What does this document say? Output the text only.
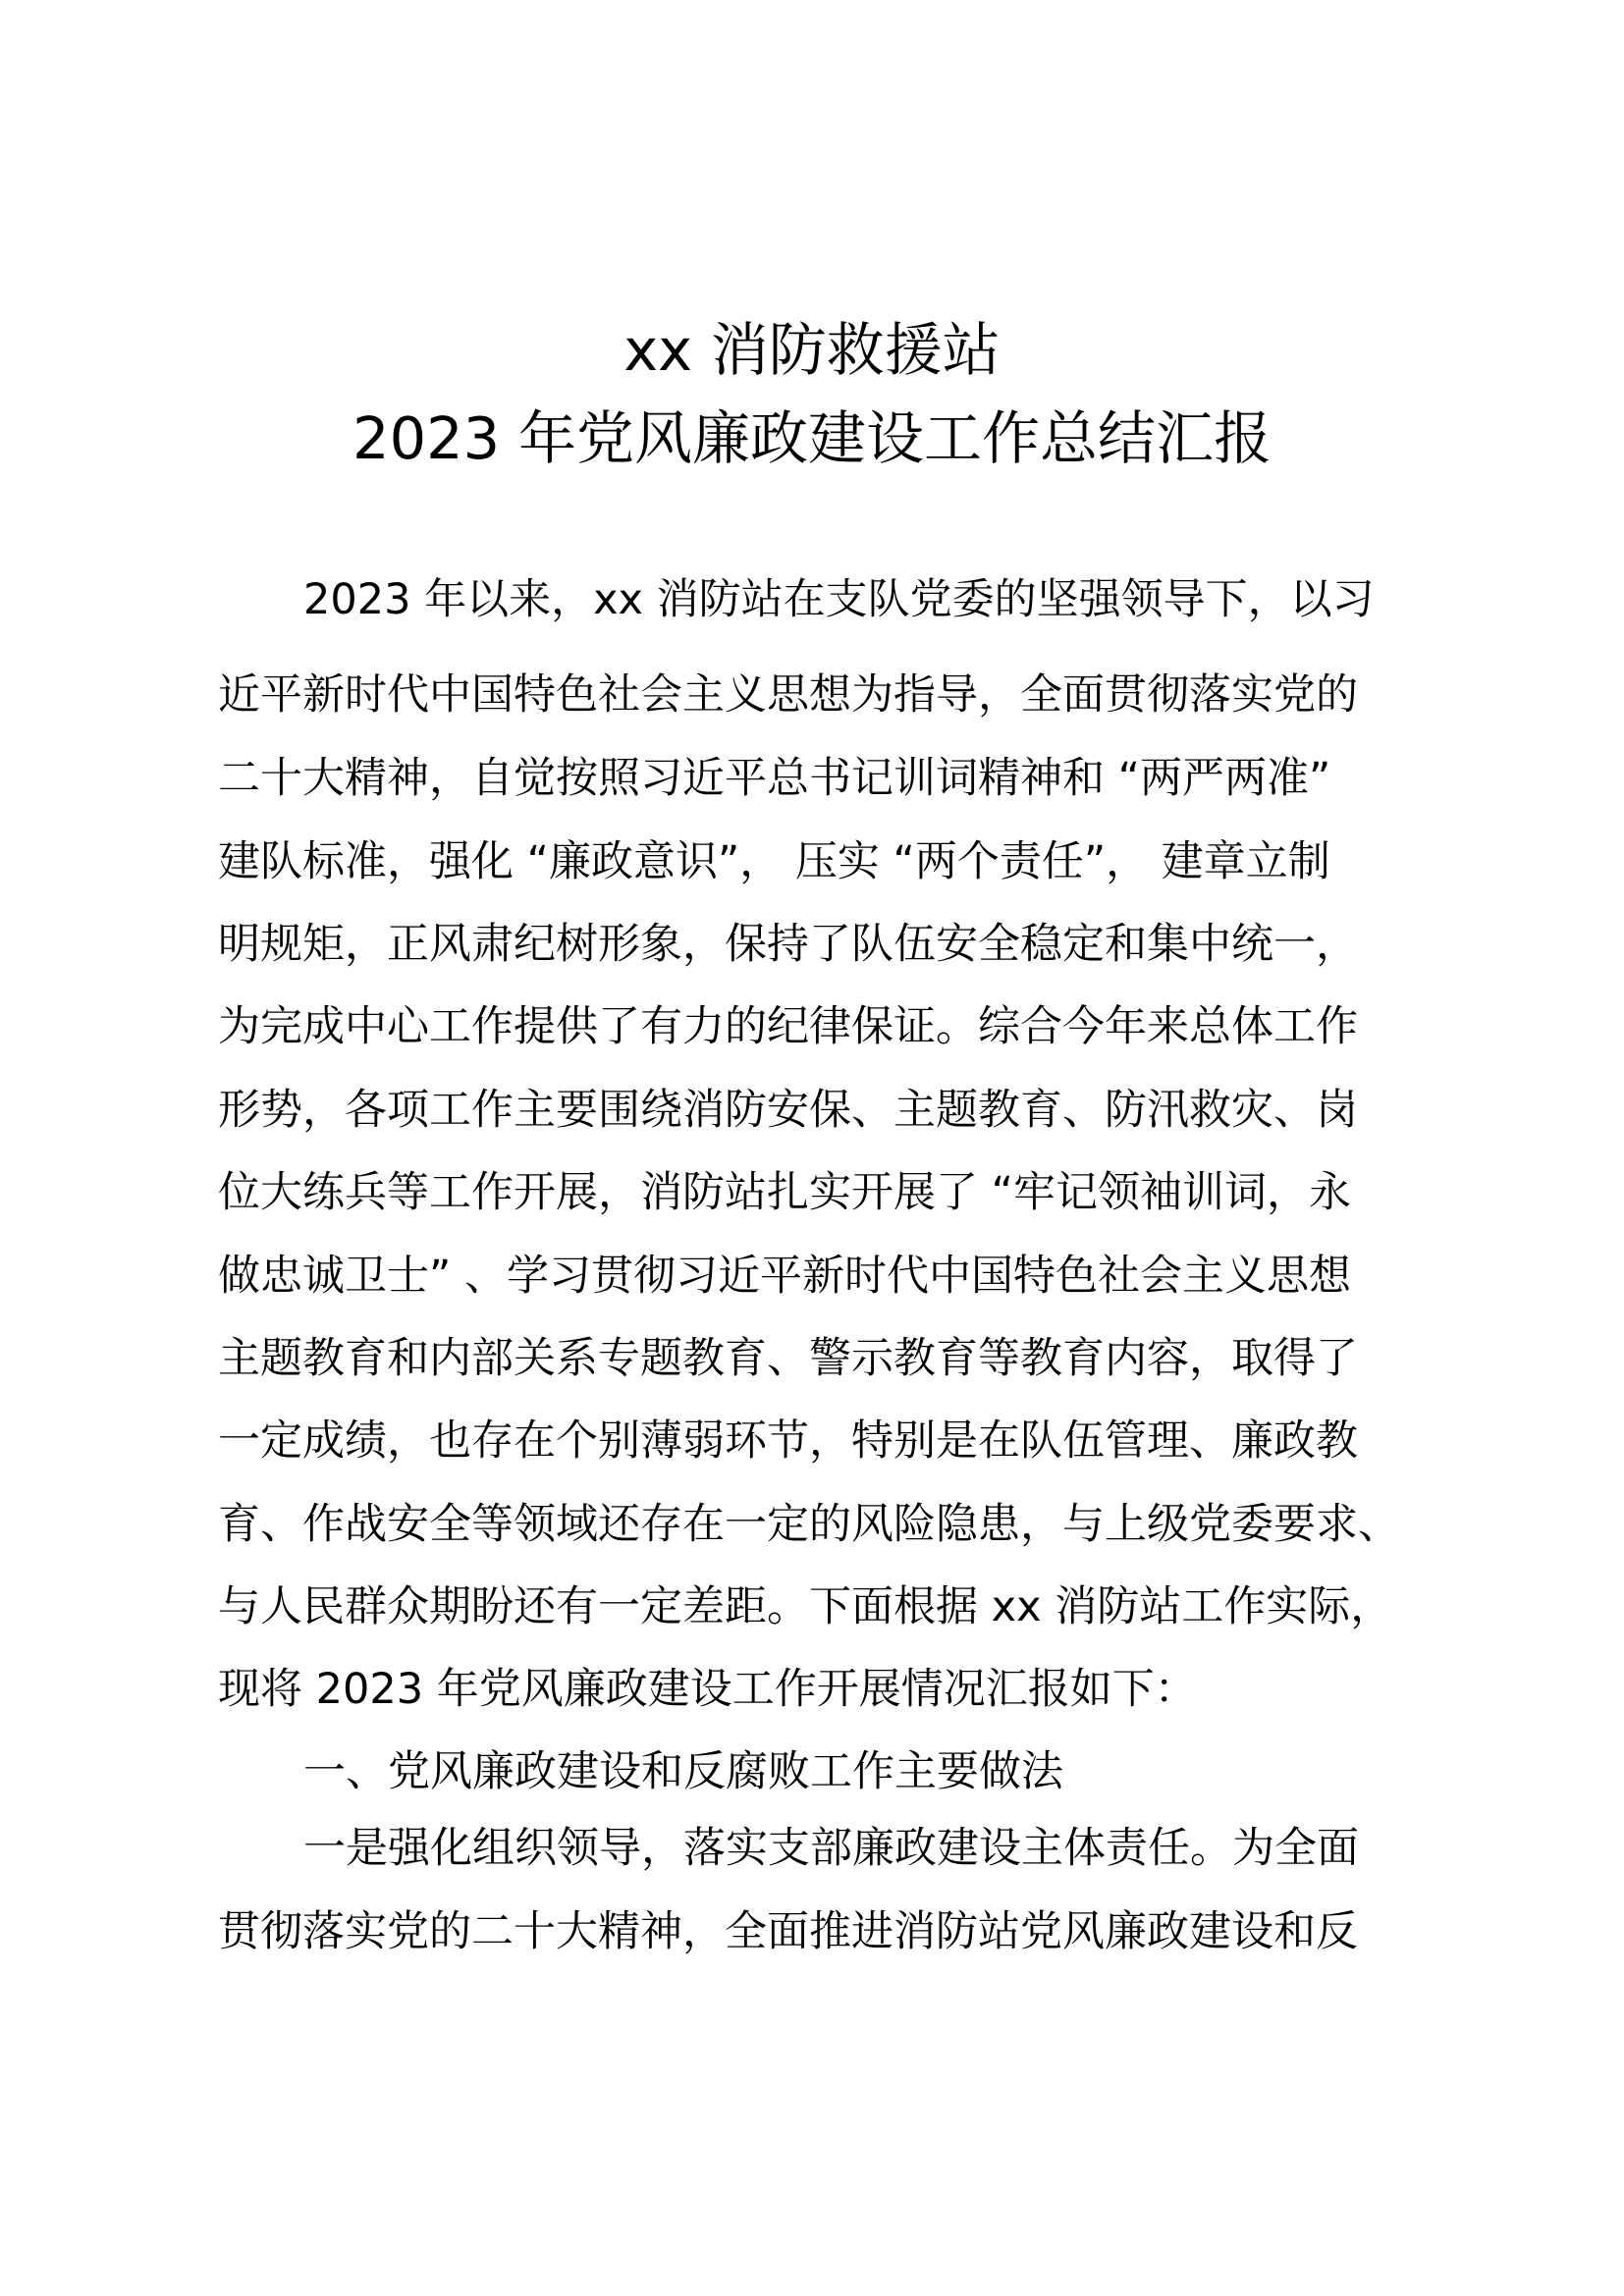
xx 消防救援站
2023 年党风廉政建设工作总结汇报

2023 年以来，xx 消防站在支队党委的坚强领导下，以习

近平新时代中国特色社会主义思想为指导，全面贯彻落实党的

二十大精神，自觉按照习近平总书记训词精神和 “两严两准”

建队标准，强化 “廉政意识”， 压实 “两个责任”， 建章立制

明规矩，正风肃纪树形象，保持了队伍安全稳定和集中统一，

为完成中心工作提供了有力的纪律保证。综合今年来总体工作

形势，各项工作主要围绕消防安保、主题教育、防汛救灾、岗

位大练兵等工作开展，消防站扎实开展了 “牢记领袖训词，永

做忠诚卫士” 、学习贯彻习近平新时代中国特色社会主义思想

主题教育和内部关系专题教育、警示教育等教育内容，取得了

一定成绩，也存在个别薄弱环节，特别是在队伍管理、廉政教

育、作战安全等领域还存在一定的风险隐患，与上级党委要求、

与人民群众期盼还有一定差距。下面根据 xx 消防站工作实际，

现将 2023 年党风廉政建设工作开展情况汇报如下：

一、党风廉政建设和反腐败工作主要做法

一是强化组织领导，落实支部廉政建设主体责任。为全面

贯彻落实党的二十大精神，全面推进消防站党风廉政建设和反
